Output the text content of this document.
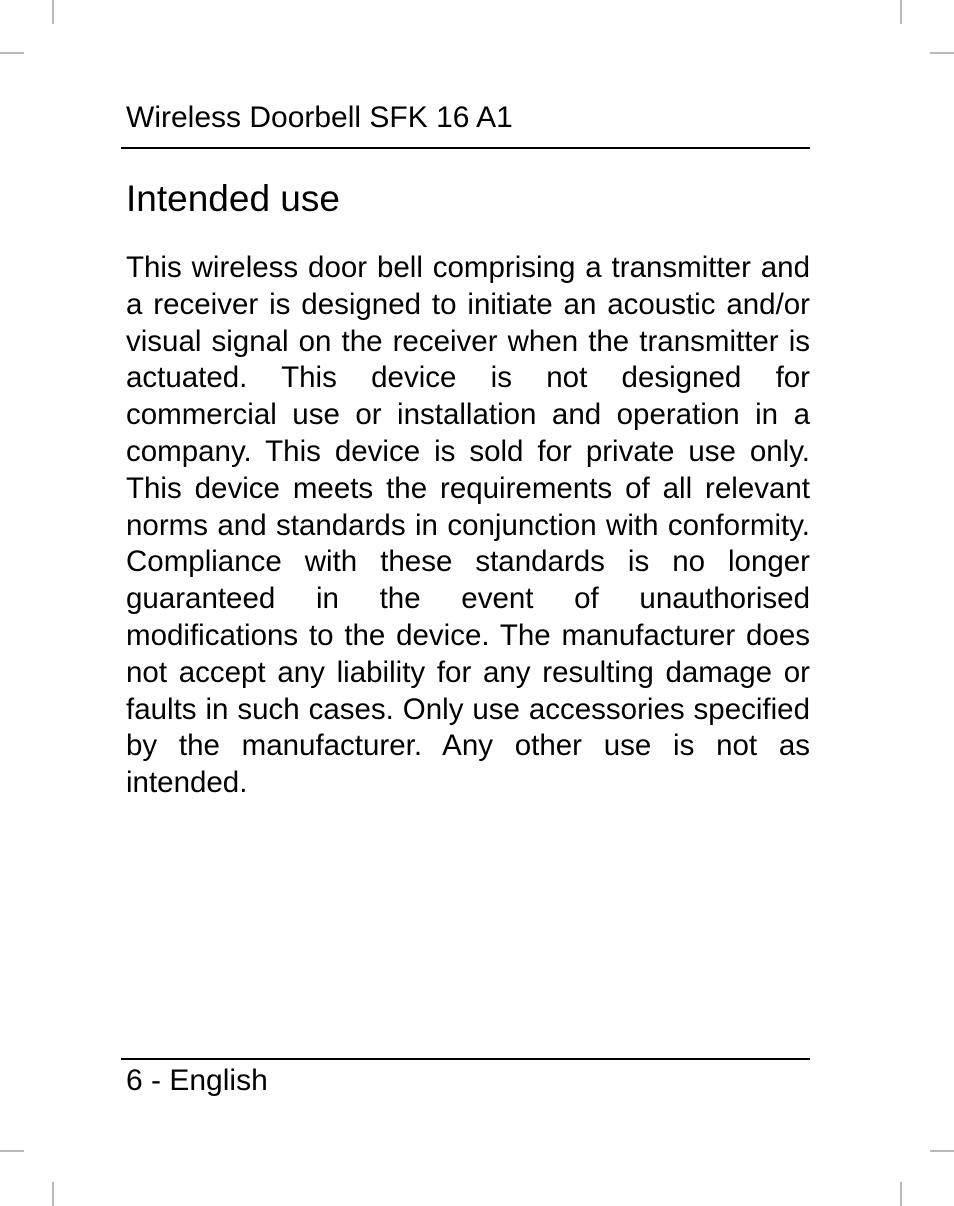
Wireless Doorbell SFK 16 A1
Intended use

This wireless door bell comprising a transmitter and a receiver is designed to initiate an acoustic and/or visual signal on the receiver when the transmitter is actuated. This device is not designed for commercial use or installation and operation in a company. This device is sold for private use only. This device meets the requirements of all relevant norms and standards in conjunction with conformity. Compliance with these standards is no longer guaranteed in the event of unauthorised modifications to the device. The manufacturer does not accept any liability for any resulting damage or faults in such cases. Only use accessories specified by the manufacturer. Any other use is not as intended.

6 - English
